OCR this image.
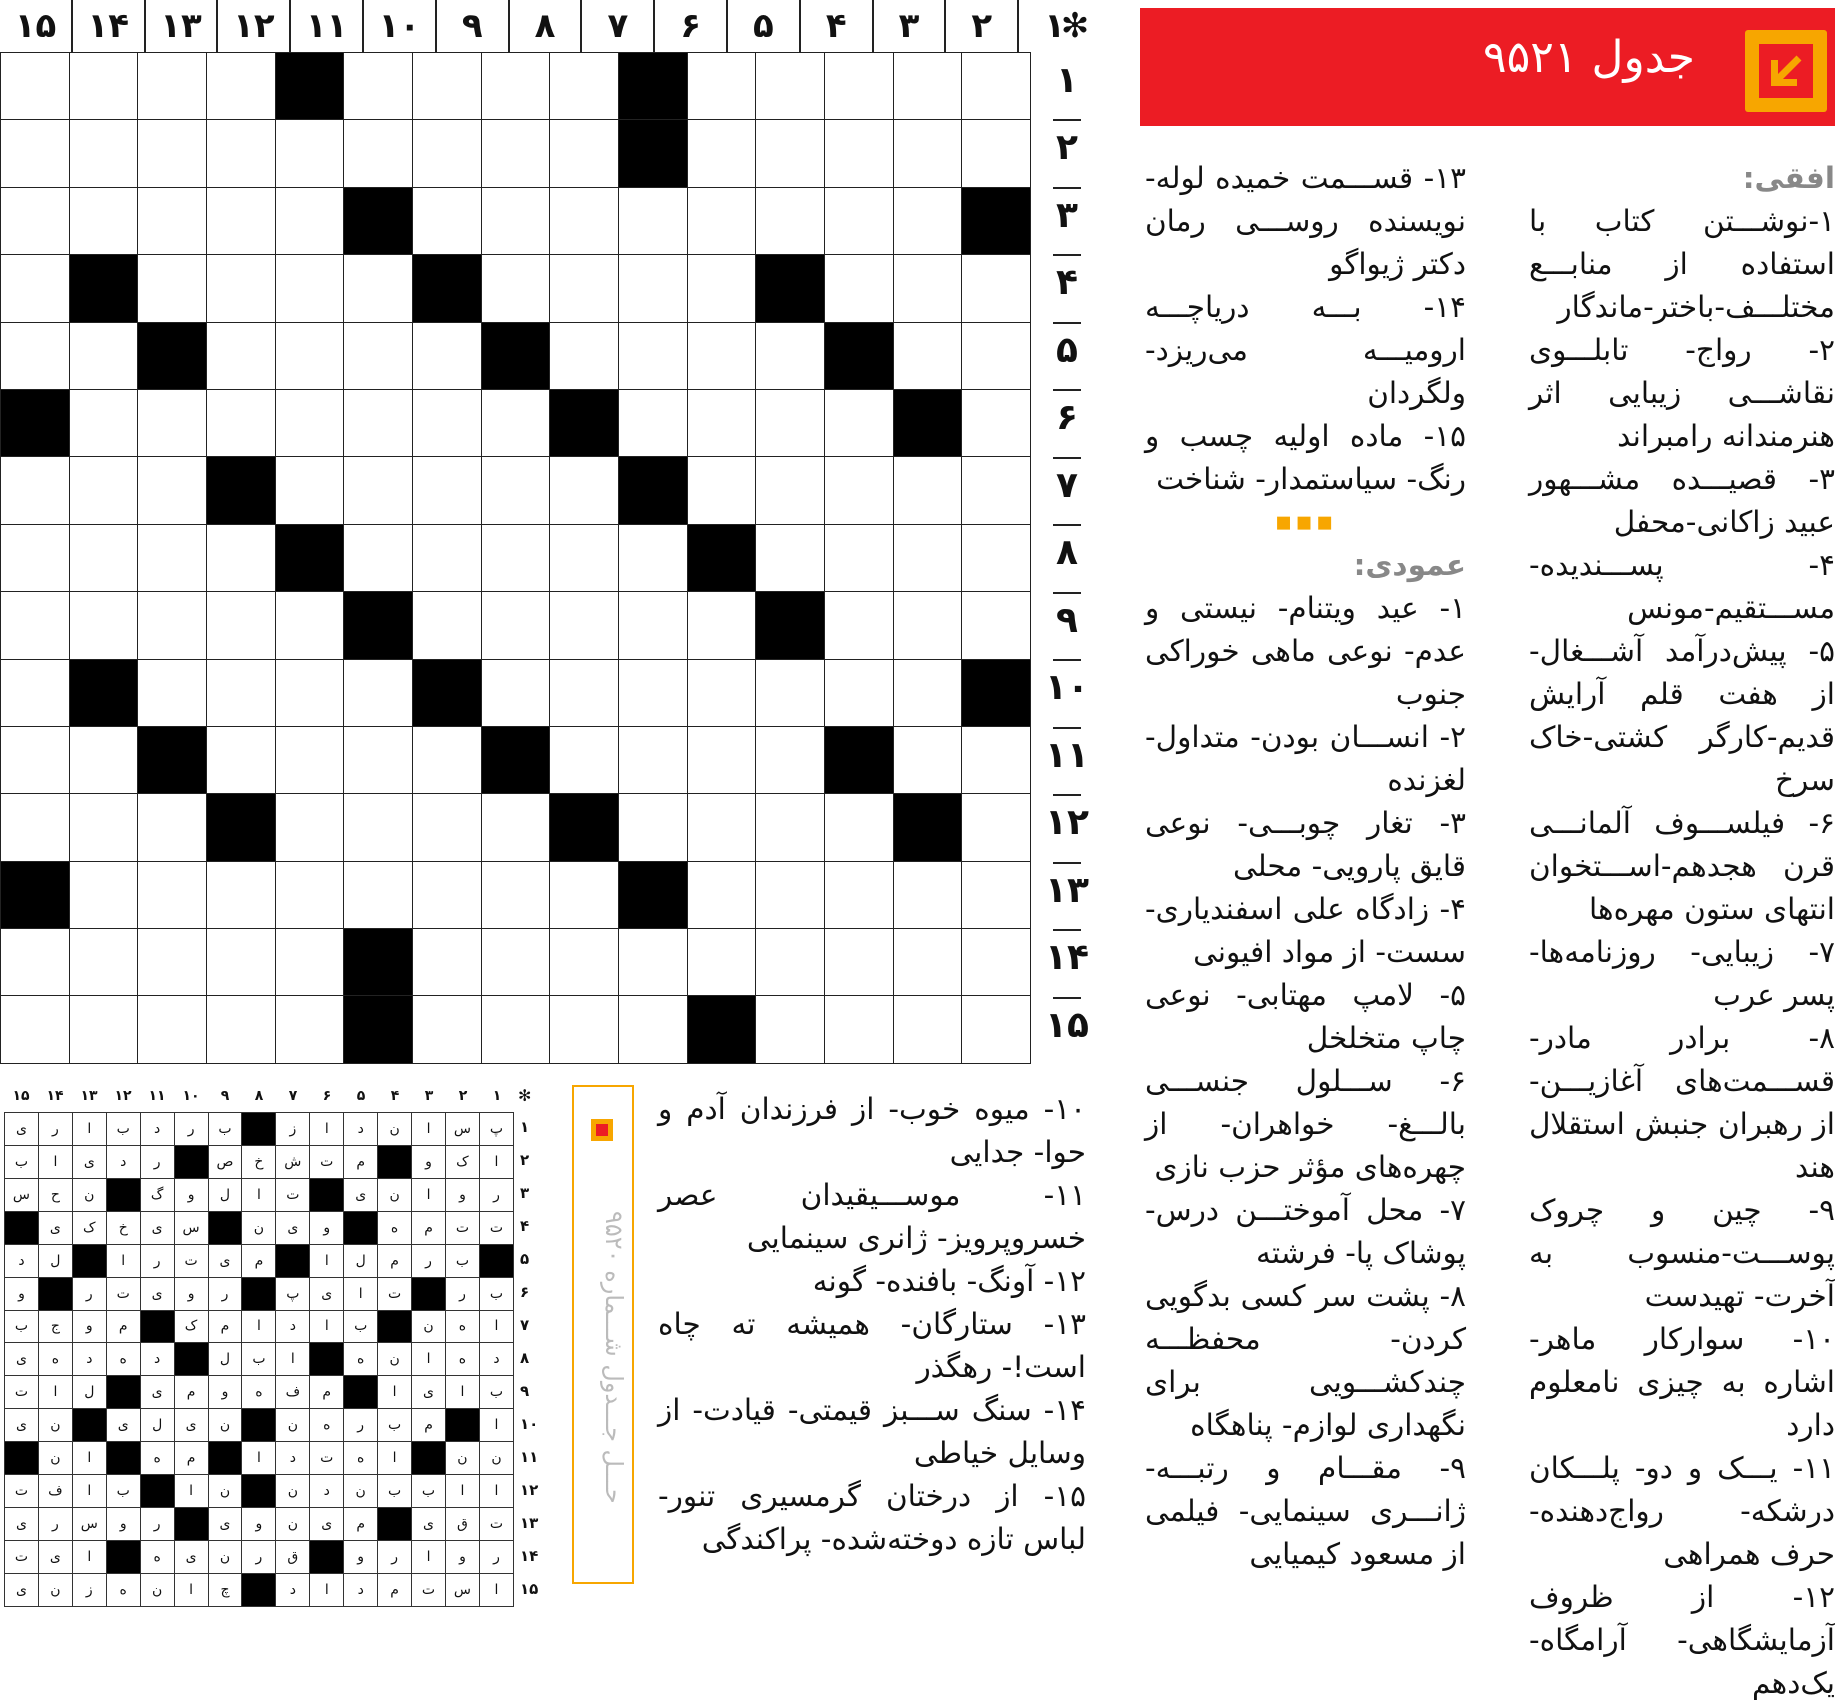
جدول ۹۵۲۱
۱
۲
۳
۴
۵
۶
۷
۸
۹
۱۰
۱۱
۱۲
۱۳
۱۴
۱۵	✻

۱
۲
۳
۴
۵
۶
۷
۸
۹
۱۰
۱۱
۱۲
۱۳
۱۴
۱۵

افقی:

۱-نوشـــتن کتاب با استفاده از منابـــع مختلـــف-باختر-ماندگار

۲- رواج- تابلـــوی نقاشـــی زیبایی اثر هنرمندانه رامبراند

۳- قصیـــده مشـــهور عبید زاکانی-محفل

۴- پســـندیده- مســـتقیم-مونس

۵- پیش‌درآمد آشـــغال- از هفت قلم آرایش قدیم-کارگر کشتی-خاک سرخ

۶- فیلســـوف آلمانـــی قرن هجدهم-اســـتخوان انتهای ستون مهره‌ها

۷- زیبایی- روزنامه‌ها- پسر عرب

۸- برادر مادر- قســـمت‌های آغازیـــن- از رهبران جنبش استقلال هند

۹- چین و چروک پوســـت-منسوب به آخرت- تهیدست

۱۰- سوارکار ماهر- اشاره به چیزی نامعلوم دارد

۱۱- یـــک و دو- پلـــکان درشکه- رواج‌دهنده- حرف همراهی

۱۲- از ظروف آزمایشگاهی- آرامگاه- یک‌دهم

۱۳- قســـمت خمیده لوله- نویسنده روســـی رمان دکتر ژیواگو

۱۴- بـــه دریاچـــه ارومیـــه می‌ریزد- ولگردان

۱۵- ماده اولیه چسب و رنگ- سیاستمدار- شناخت

▪▪▪

عمودی:

۱- عید ویتنام- نیستی و عدم- نوعی ماهی خوراکی جنوب

۲- انســـان بودن- متداول- لغزنده

۳- تغار چوبـــی- نوعی قایق پارویی- محلی

۴- زادگاه علی اسفندیاری- سست- از مواد افیونی

۵- لامپ مهتابی- نوعی چاپ متخلخل

۶- ســـلول جنســـی بالـــغ- خواهران- از چهره‌های مؤثر حزب نازی

۷- محل آموختـــن درس- پوشاک پا- فرشته

۸- پشت سر کسی بدگویی کردن- محفظـــه چندکشـــویی برای نگهداری لوازم- پناهگاه

۹- مقـــام و رتبـــه- ژانـــری سینمایی- فیلمی از مسعود کیمیایی

۱۰- میوه خوب- از فرزندان آدم و حوا- جدایی

۱۱- موســـیقیدان عصر خسروپرویز- ژانری سینمایی

۱۲- آونگ- بافنده- گونه

۱۳- ستارگان- همیشه ته چاه است!- رهگذر

۱۴- سنگ ســـبز قیمتی- قیادت- از وسایل خیاطی

۱۵- از درختان گرمسیری تنور- لباس تازه دوخته‌شده- پراکندگی

حـــل جـــدول شـــماره ۹۵۲۰
۱
۲
۳
۴
۵
۶
۷
۸
۹
۱۰
۱۱
۱۲
۱۳
۱۴
۱۵	✻
ی	ر	ا	ب	د	ر	ب		ز	ا	د	ن	ا	س	پ
ب	ا	ی	د	ر		ص	خ	ش	ت	م		و	ک	ا
س	ح	ن		گ	و	ل	ا	ت		ی	ن	ا	و	ر
	ی	ک	خ	ی	س		ن	ی	و		ه	م	ت	ت
د	ل		ا	ر	ت	ی	م		ا	ل	م	ر	ب	
و		ر	ت	ی	و	ر		پ	ی	ا	ت		ر	ب
ب	ج	و	م		ک	م	ا	د	ا	ب		ن	ه	ا
ی	ه	د	ه	د		ل	ب	ا		ه	ن	ا	ه	د
ت	ا	ل		ی	م	و	ه	ف	م		ا	ی	ا	ب
ی	ن		ی	ل	ی	ن		ن	ه	ر	ب	م		ا
	ن	ا		ه	م		ا	د	ت	ه	ا		ن	ن
ت	ف	ا	ب		ا	ن		ن	د	ن	ب	ب	ا	ا
ی	ر	س	و	ر		ی	و	ن	ی	م		ی	ق	ت
ت	ی	ا		ه	ی	ن	ر	ق		و	ر	ا	و	ر
ی	ن	ز	ه	ن	ا	چ		د	ا	د	م	ت	س	ا
۱
۲
۳
۴
۵
۶
۷
۸
۹
۱۰
۱۱
۱۲
۱۳
۱۴
۱۵
